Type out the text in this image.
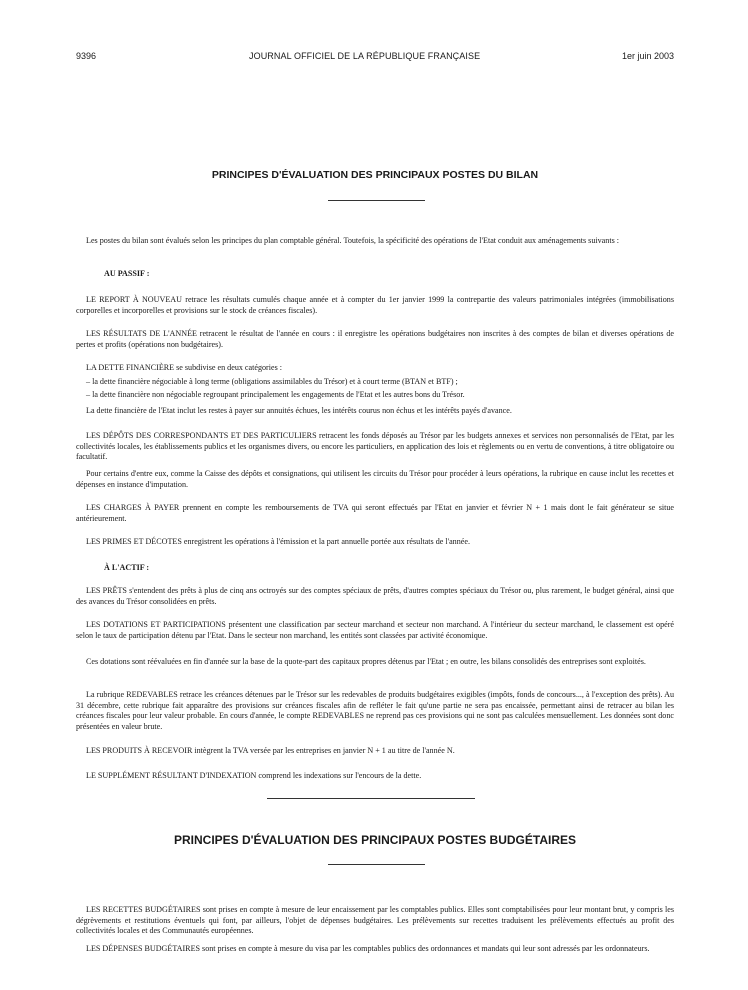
9396	JOURNAL OFFICIEL DE LA RÉPUBLIQUE FRANÇAISE	1er juin 2003
PRINCIPES D'ÉVALUATION DES PRINCIPAUX POSTES DU BILAN

Les postes du bilan sont évalués selon les principes du plan comptable général. Toutefois, la spécificité des opérations de l'Etat conduit aux aménagements suivants :

AU PASSIF :

LE REPORT À NOUVEAU retrace les résultats cumulés chaque année et à compter du 1er janvier 1999 la contrepartie des valeurs patrimoniales intégrées (immobilisations corporelles et incorporelles et provisions sur le stock de créances fiscales).

LES RÉSULTATS DE L'ANNÉE retracent le résultat de l'année en cours : il enregistre les opérations budgétaires non inscrites à des comptes de bilan et diverses opérations de pertes et profits (opérations non budgétaires).

LA DETTE FINANCIÈRE se subdivise en deux catégories :

– la dette financière négociable à long terme (obligations assimilables du Trésor) et à court terme (BTAN et BTF) ;

– la dette financière non négociable regroupant principalement les engagements de l'Etat et les autres bons du Trésor.

La dette financière de l'Etat inclut les restes à payer sur annuités échues, les intérêts courus non échus et les intérêts payés d'avance.

LES DÉPÔTS DES CORRESPONDANTS ET DES PARTICULIERS retracent les fonds déposés au Trésor par les budgets annexes et services non personnalisés de l'Etat, par les collectivités locales, les établissements publics et les organismes divers, ou encore les particuliers, en application des lois et règlements ou en vertu de conventions, à titre obligatoire ou facultatif.

Pour certains d'entre eux, comme la Caisse des dépôts et consignations, qui utilisent les circuits du Trésor pour procéder à leurs opérations, la rubrique en cause inclut les recettes et dépenses en instance d'imputation.

LES CHARGES À PAYER prennent en compte les remboursements de TVA qui seront effectués par l'Etat en janvier et février N + 1 mais dont le fait générateur se situe antérieurement.

LES PRIMES ET DÉCOTES enregistrent les opérations à l'émission et la part annuelle portée aux résultats de l'année.

À L'ACTIF :

LES PRÊTS s'entendent des prêts à plus de cinq ans octroyés sur des comptes spéciaux de prêts, d'autres comptes spéciaux du Trésor ou, plus rarement, le budget général, ainsi que des avances du Trésor consolidées en prêts.

LES DOTATIONS ET PARTICIPATIONS présentent une classification par secteur marchand et secteur non marchand. A l'intérieur du secteur marchand, le classement est opéré selon le taux de participation détenu par l'Etat. Dans le secteur non marchand, les entités sont classées par activité économique.

Ces dotations sont réévaluées en fin d'année sur la base de la quote-part des capitaux propres détenus par l'Etat ; en outre, les bilans consolidés des entreprises sont exploités.

La rubrique REDEVABLES retrace les créances détenues par le Trésor sur les redevables de produits budgétaires exigibles (impôts, fonds de concours..., à l'exception des prêts). Au 31 décembre, cette rubrique fait apparaître des provisions sur créances fiscales afin de refléter le fait qu'une partie ne sera pas encaissée, permettant ainsi de retracer au bilan les créances fiscales pour leur valeur probable. En cours d'année, le compte REDEVABLES ne reprend pas ces provisions qui ne sont pas calculées mensuellement. Les données sont donc présentées en valeur brute.

LES PRODUITS À RECEVOIR intègrent la TVA versée par les entreprises en janvier N + 1 au titre de l'année N.

LE SUPPLÉMENT RÉSULTANT D'INDEXATION comprend les indexations sur l'encours de la dette.

PRINCIPES D'ÉVALUATION DES PRINCIPAUX POSTES BUDGÉTAIRES

LES RECETTES BUDGÉTAIRES sont prises en compte à mesure de leur encaissement par les comptables publics. Elles sont comptabilisées pour leur montant brut, y compris les dégrèvements et restitutions éventuels qui font, par ailleurs, l'objet de dépenses budgétaires. Les prélèvements sur recettes traduisent les prélèvements effectués au profit des collectivités locales et des Communautés européennes.

LES DÉPENSES BUDGÉTAIRES sont prises en compte à mesure du visa par les comptables publics des ordonnances et mandats qui leur sont adressés par les ordonnateurs.
